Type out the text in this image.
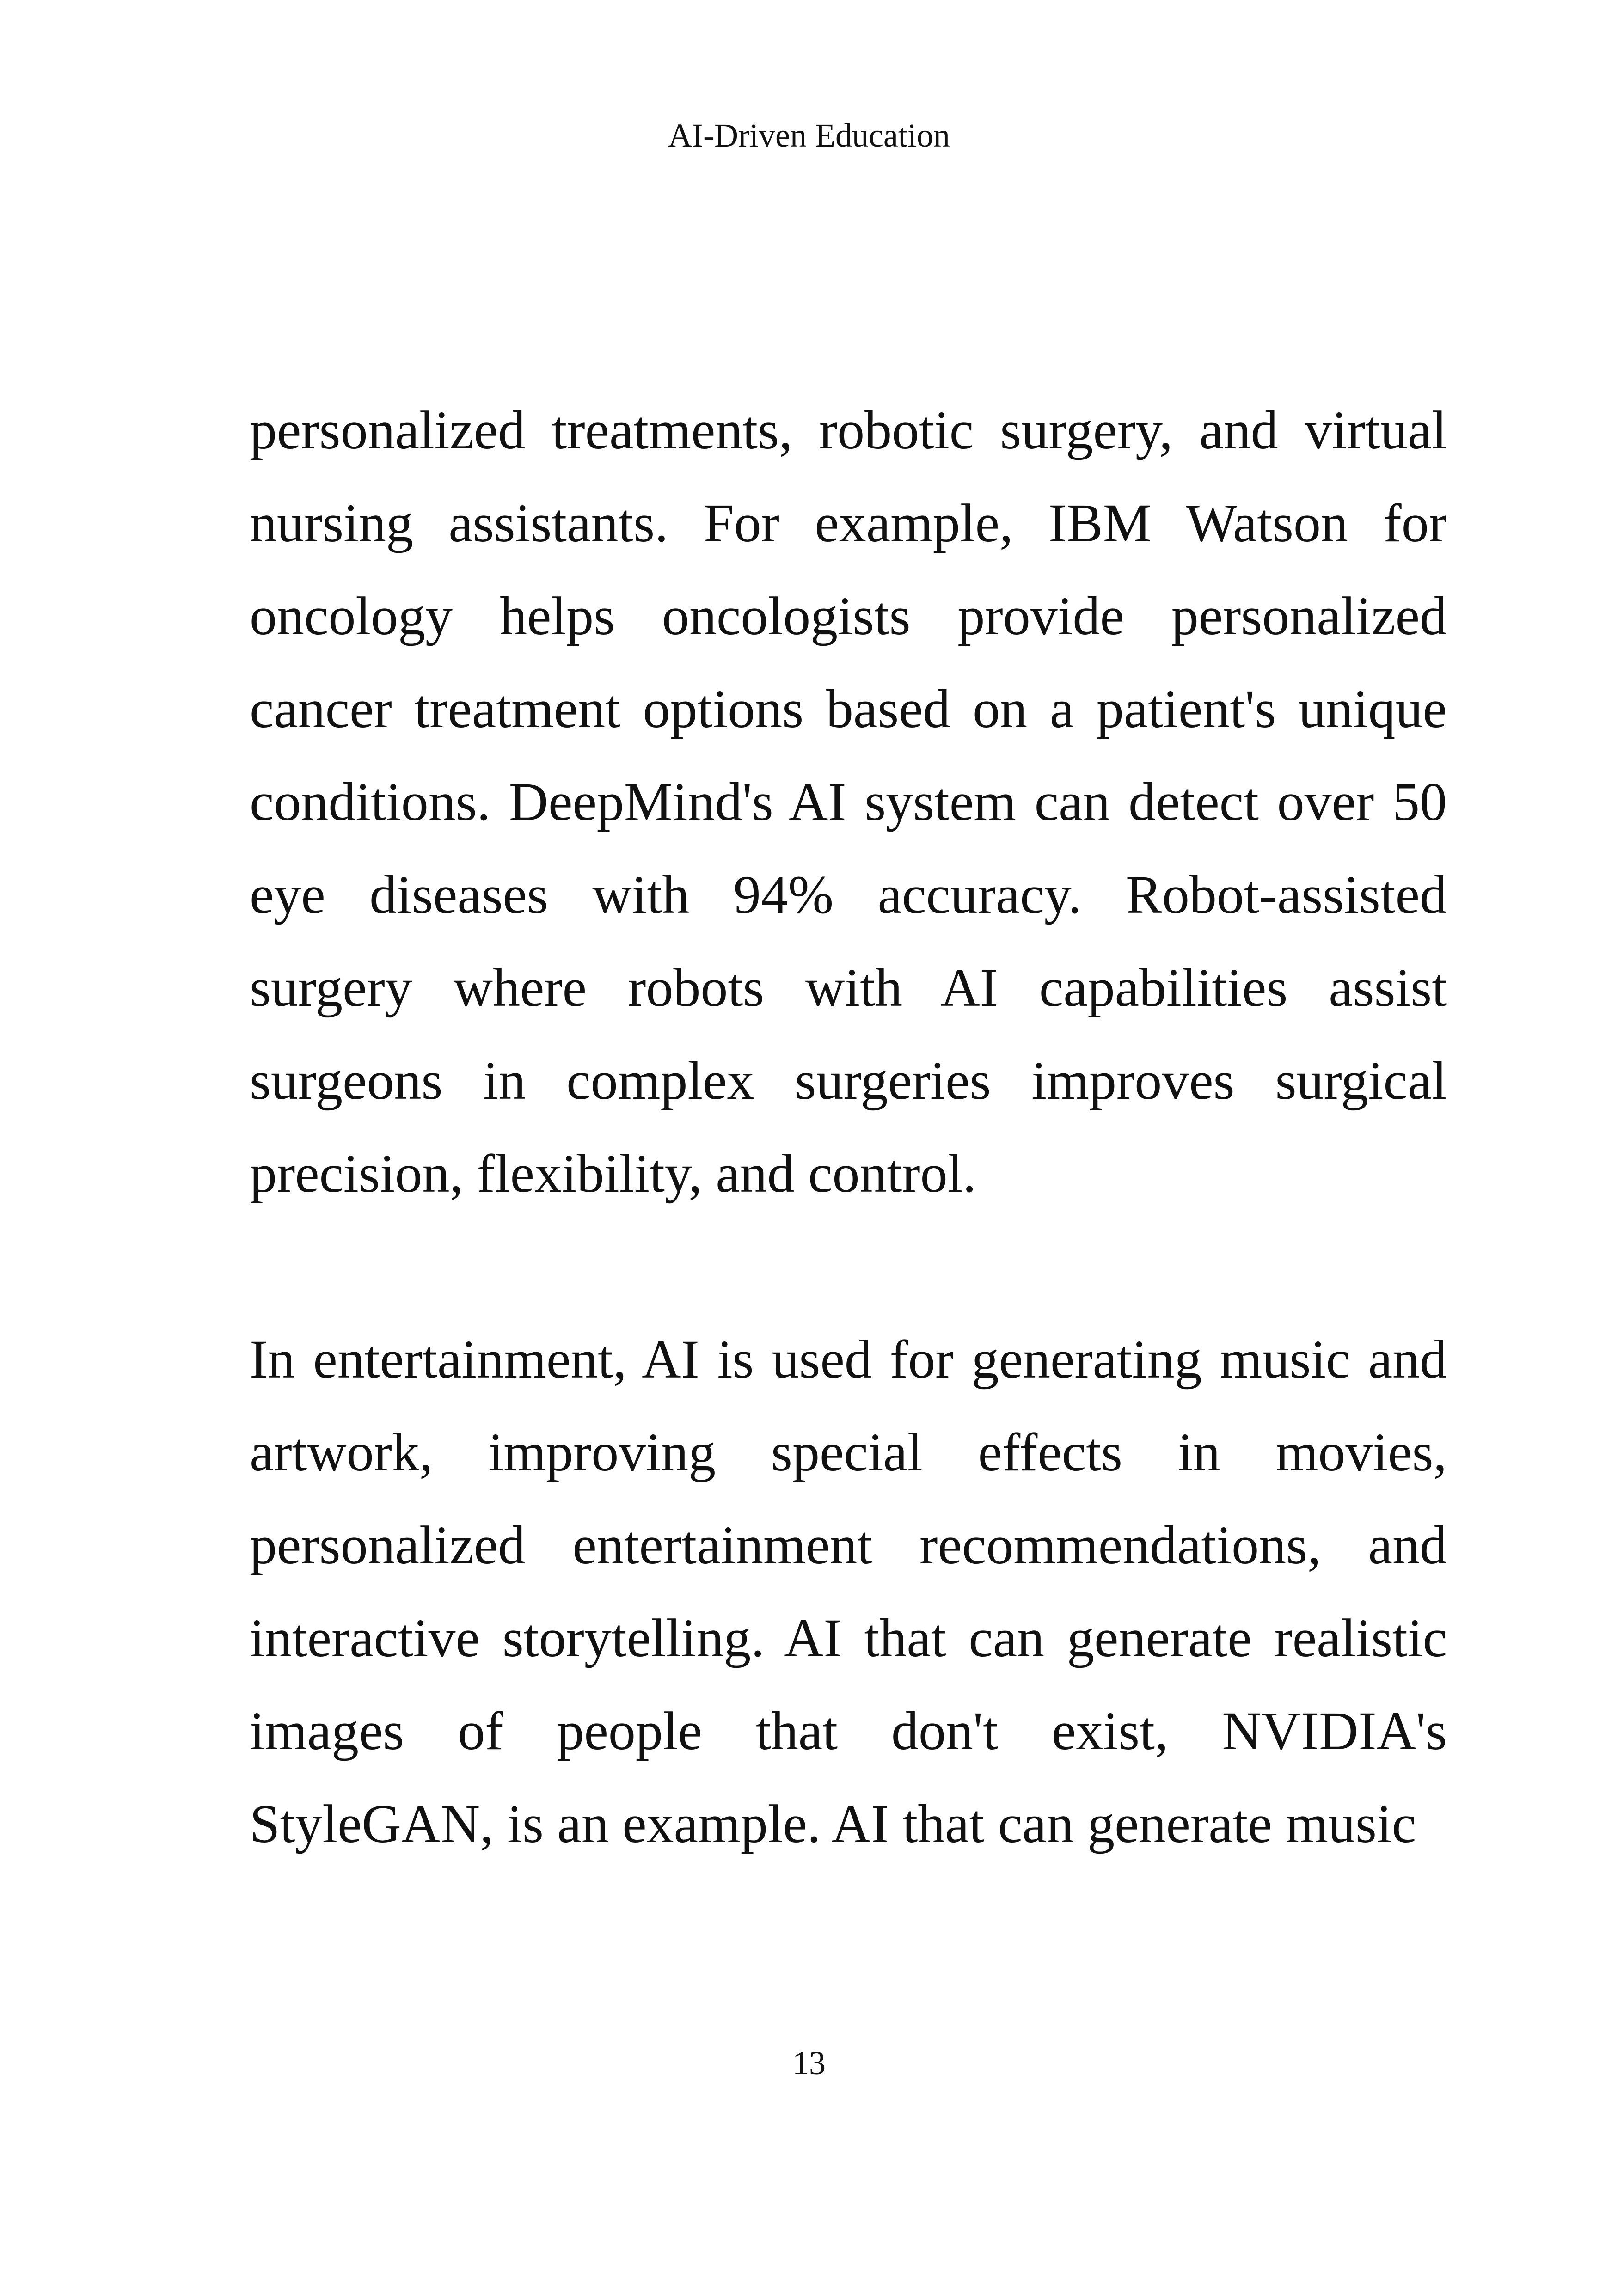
AI-Driven Education

personalized treatments, robotic surgery, and virtual nursing assistants. For example, IBM Watson for oncology helps oncologists provide personalized cancer treatment options based on a patient's unique conditions. DeepMind's AI system can detect over 50 eye diseases with 94% accuracy. Robot-assisted surgery where robots with AI capabilities assist surgeons in complex surgeries improves surgical precision, flexibility, and control.

In entertainment, AI is used for generating music and artwork, improving special effects in movies, personalized entertainment recommendations, and interactive storytelling. AI that can generate realistic images of people that don't exist, NVIDIA's StyleGAN, is an example. AI that can generate music

13
